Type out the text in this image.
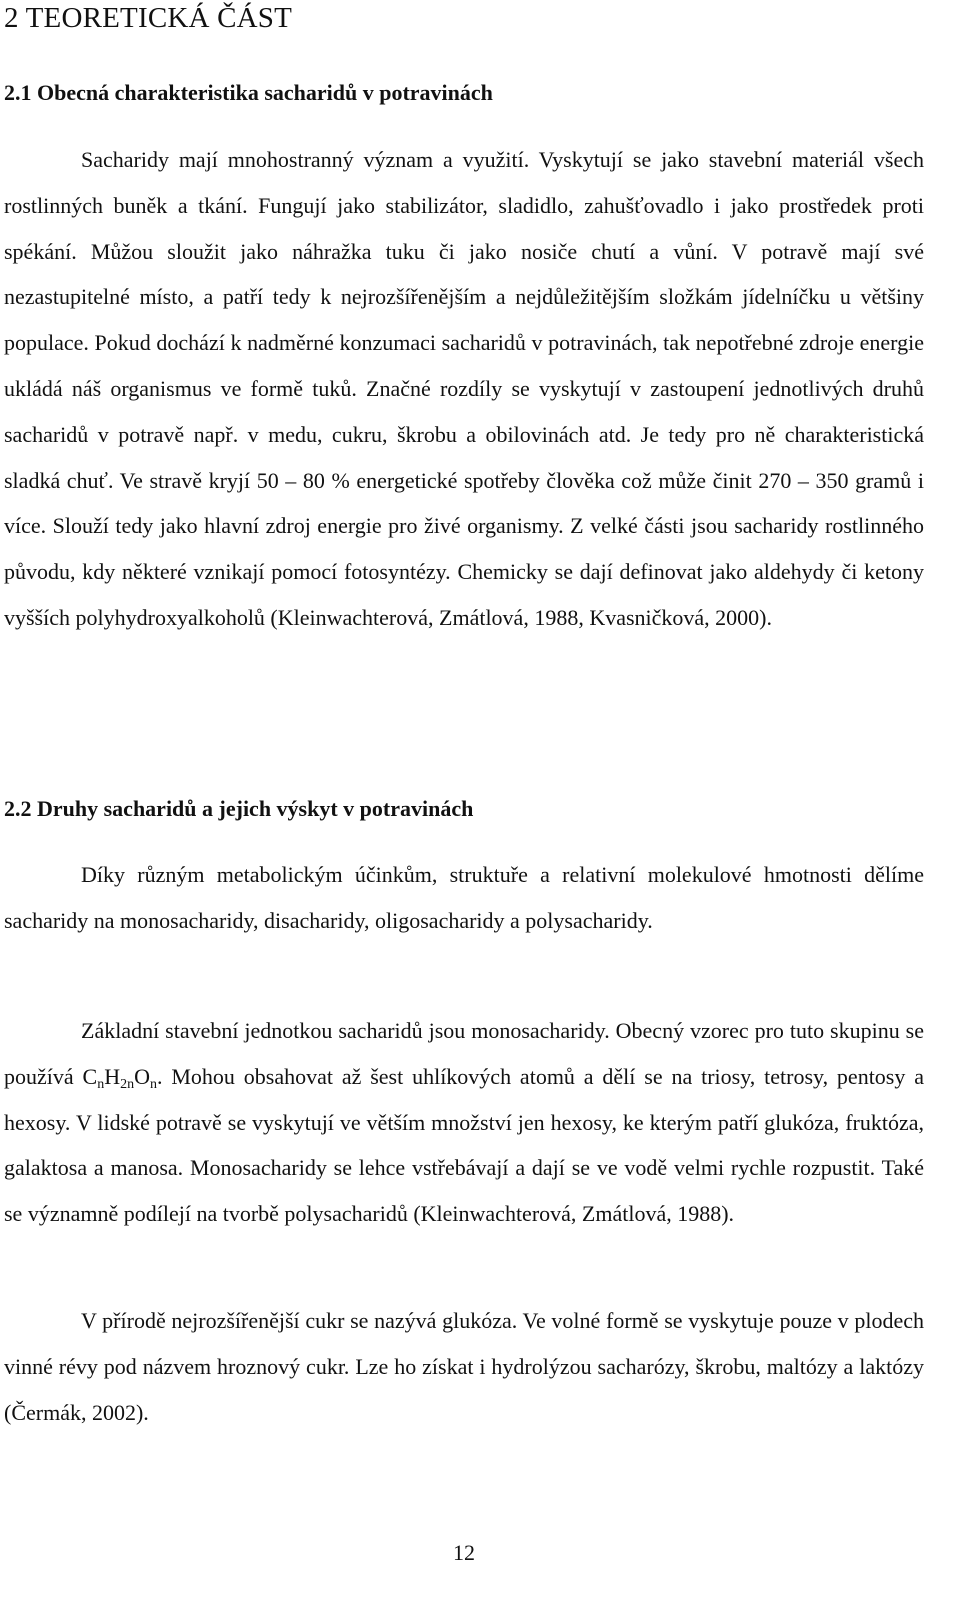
2 TEORETICKÁ ČÁST
2.1 Obecná charakteristika sacharidů v potravinách

Sacharidy mají mnohostranný význam a využití. Vyskytují se jako stavební materiál všech rostlinných buněk a tkání. Fungují jako stabilizátor, sladidlo, zahušťovadlo i jako prostředek proti spékání. Můžou sloužit jako náhražka tuku či jako nosiče chutí a vůní. V potravě mají své nezastupitelné místo, a patří tedy k nejrozšířenějším a nejdůležitějším složkám jídelníčku u většiny populace. Pokud dochází k nadměrné konzumaci sacharidů v potravinách, tak nepotřebné zdroje energie ukládá náš organismus ve formě tuků. Značné rozdíly se vyskytují v zastoupení jednotlivých druhů sacharidů v potravě např. v medu, cukru, škrobu a obilovinách atd. Je tedy pro ně charakteristická sladká chuť. Ve stravě kryjí 50 – 80 % energetické spotřeby člověka což může činit 270 – 350 gramů i více. Slouží tedy jako hlavní zdroj energie pro živé organismy. Z velké části jsou sacharidy rostlinného původu, kdy některé vznikají pomocí fotosyntézy. Chemicky se dají definovat jako aldehydy či ketony vyšších polyhydroxyalkoholů (Kleinwachterová, Zmátlová, 1988, Kvasničková, 2000).

2.2 Druhy sacharidů a jejich výskyt v potravinách

Díky různým metabolickým účinkům, struktuře a relativní molekulové hmotnosti dělíme sacharidy na monosacharidy, disacharidy, oligosacharidy a polysacharidy.

Základní stavební jednotkou sacharidů jsou monosacharidy. Obecný vzorec pro tuto skupinu se používá $C_nH_{2n}O_n$. Mohou obsahovat až šest uhlíkových atomů a dělí se na triosy, tetrosy, pentosy a hexosy. V lidské potravě se vyskytují ve větším množství jen hexosy, ke kterým patří glukóza, fruktóza, galaktosa a manosa. Monosacharidy se lehce vstřebávají a dají se ve vodě velmi rychle rozpustit. Také se významně podílejí na tvorbě polysacharidů (Kleinwachterová, Zmátlová, 1988).

V přírodě nejrozšířenější cukr se nazývá glukóza. Ve volné formě se vyskytuje pouze v plodech vinné révy pod názvem hroznový cukr. Lze ho získat i hydrolýzou sacharózy, škrobu, maltózy a laktózy (Čermák, 2002).

12
